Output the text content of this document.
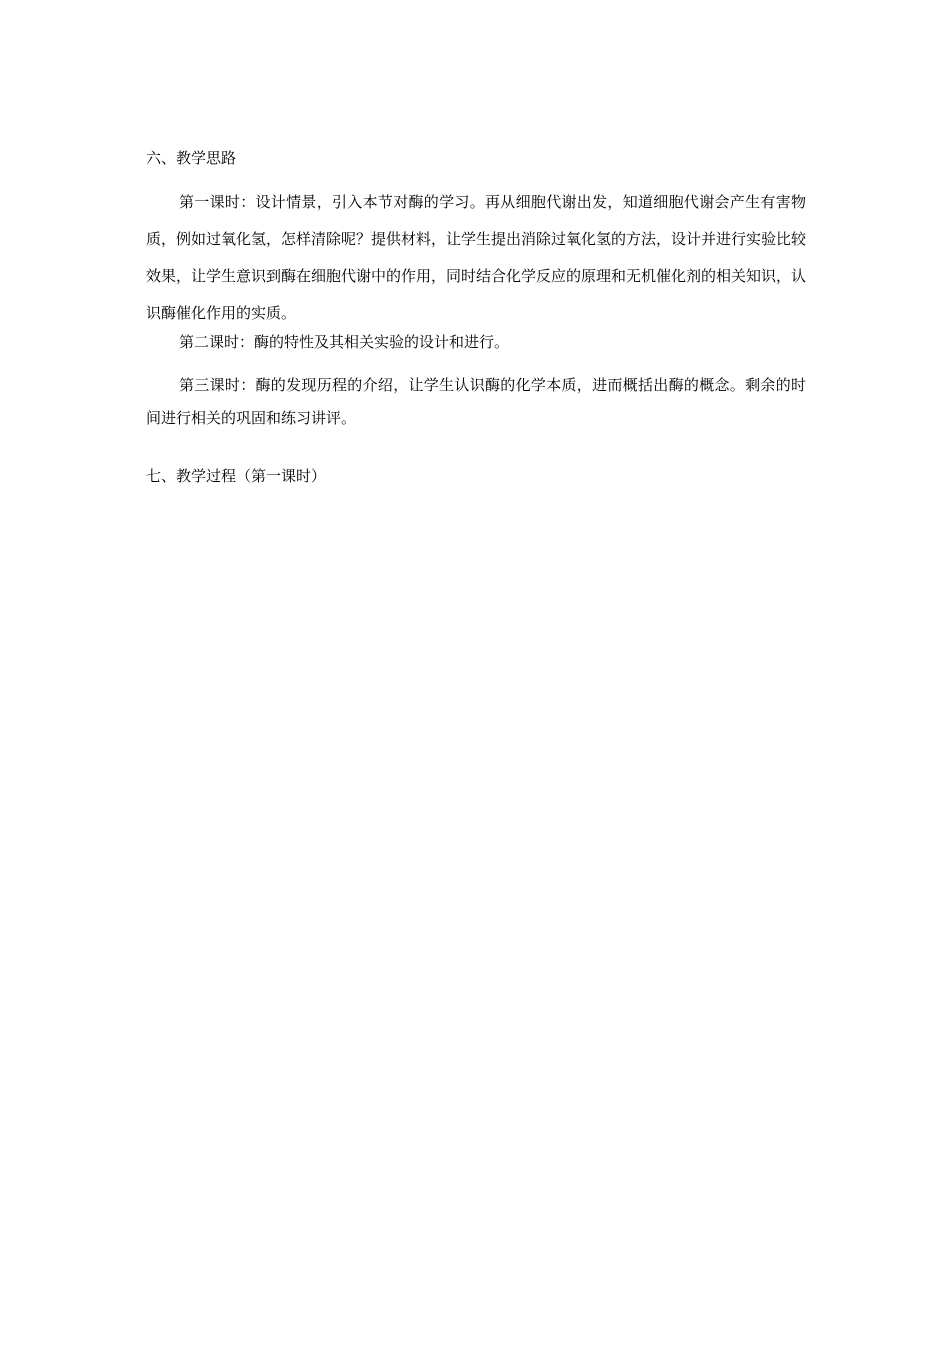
六、教学思路

第一课时：设计情景，引入本节对酶的学习。再从细胞代谢出发，知道细胞代谢会产生有害物质，例如过氧化氢，怎样清除呢？提供材料，让学生提出消除过氧化氢的方法，设计并进行实验比较效果，让学生意识到酶在细胞代谢中的作用，同时结合化学反应的原理和无机催化剂的相关知识，认识酶催化作用的实质。

第二课时：酶的特性及其相关实验的设计和进行。

第三课时：酶的发现历程的介绍，让学生认识酶的化学本质，进而概括出酶的概念。剩余的时间进行相关的巩固和练习讲评。

七、教学过程（第一课时）
